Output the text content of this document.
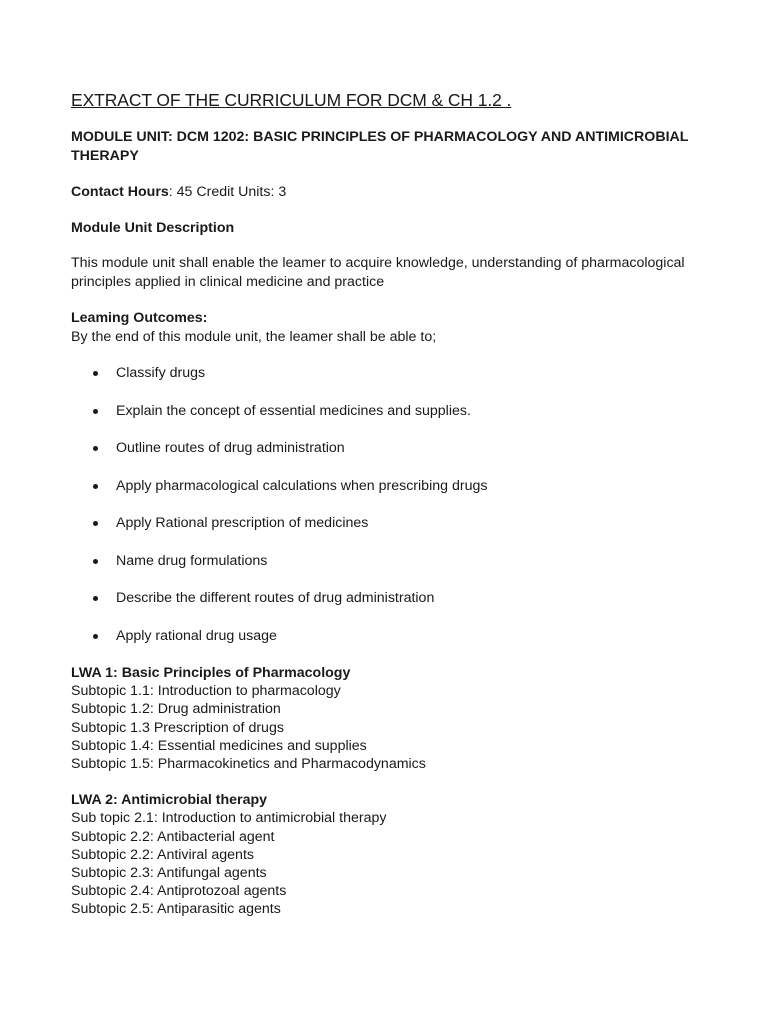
EXTRACT OF THE CURRICULUM FOR DCM & CH 1.2 .
MODULE UNIT: DCM 1202: BASIC PRINCIPLES OF PHARMACOLOGY AND ANTIMICROBIAL THERAPY
Contact Hours: 45 Credit Units: 3
Module Unit Description
This module unit shall enable the leamer to acquire knowledge, understanding of pharmacological principles applied in clinical medicine and practice
Leaming Outcomes:
By the end of this module unit, the leamer shall be able to;
Classify drugs
Explain the concept of essential medicines and supplies.
Outline routes of drug administration
Apply pharmacological calculations when prescribing drugs
Apply Rational prescription of medicines
Name drug formulations
Describe the different routes of drug administration
Apply rational drug usage
LWA 1: Basic Principles of Pharmacology
Subtopic 1.1: Introduction to pharmacology
Subtopic 1.2: Drug administration
Subtopic 1.3 Prescription of drugs
Subtopic 1.4: Essential medicines and supplies
Subtopic 1.5: Pharmacokinetics and Pharmacodynamics
LWA 2: Antimicrobial therapy
Sub topic 2.1: Introduction to antimicrobial therapy
Subtopic 2.2: Antibacterial agent
Subtopic 2.2: Antiviral agents
Subtopic 2.3: Antifungal agents
Subtopic 2.4: Antiprotozoal agents
Subtopic 2.5: Antiparasitic agents
